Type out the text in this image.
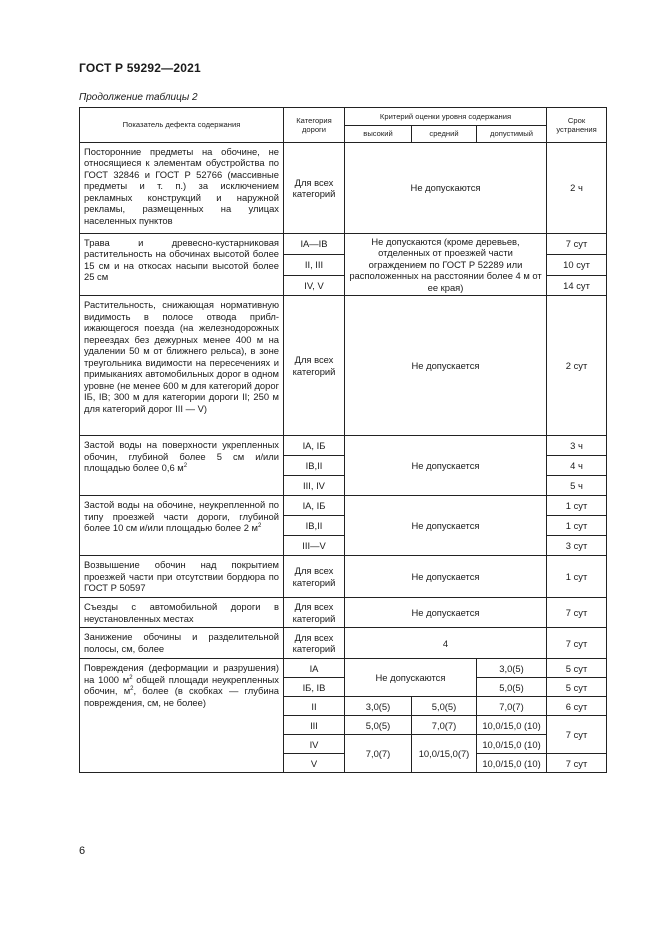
ГОСТ Р 59292—2021
Продолжение таблицы 2
Показатель дефекта содержания	Категория дороги	Критерий оценки уровня содержания			Срок устранения
		высокий	средний	допустимый	
Посторонние предметы на обочине, не относящиеся к элементам обустройства по ГОСТ 32846 и ГОСТ Р 52766 (массивные предметы и т. п.) за исключением рекламных конструкций и наружной рекламы, размещенных на улицах населенных пунктов	Для всех категорий	Не допускаются			2 ч
Трава и древесно-кустарниковая растительность на обочинах высотой более 15 см и на откосах насыпи высотой более 25 см	IA—IB	Не допускаются (кроме деревьев, отделенных от проезжей части ограждением по ГОСТ Р 52289 или расположенных на расстоянии более 4 м от ее края)			7 сут
	II, III				10 сут
	IV, V				14 сут
Растительность, снижающая нормативную видимость в полосе отвода приближающегося поезда (на железнодорожных переездах без дежурных менее 400 м на удалении 50 м от ближнего рельса), в зоне треугольника видимости на пересечениях и примыканиях автомобильных дорог в одном уровне (не менее 600 м для категорий дорог IБ, IB; 300 м для категории дороги II; 250 м для категорий дорог III — V)	Для всех категорий	Не допускается			2 сут
Застой воды на поверхности укрепленных обочин, глубиной более 5 см и/или площадью более 0,6 $м^2$	IA, IБ	Не допускается			3 ч
	IB,II				4 ч
	III, IV				5 ч
Застой воды на обочине, неукрепленной по типу проезжей части дороги, глубиной более 10 см и/или площадью более 2 $м^2$	IA, IБ	Не допускается			1 сут
	IB,II				1 сут
	III—V				3 сут
Возвышение обочин над покрытием проезжей части при отсутствии бордюра по ГОСТ Р 50597	Для всех категорий	Не допускается			1 сут
Съезды с автомобильной дороги в неустановленных местах	Для всех категорий	Не допускается			7 сут
Занижение обочины и разделительной полосы, см, более	Для всех категорий	4			7 сут
Повреждения (деформации и разрушения) на 1000 $м^2$ общей площади неукрепленных обочин, $м^2$, более (в скобках — глубина повреждения, см, не более)	IA	Не допускаются		3,0(5)	5 сут
	IБ, IB			5,0(5)	5 сут
	II	3,0(5)	5,0(5)	7,0(7)	6 сут
	III	5,0(5)	7,0(7)	10,0/15,0 (10)	7 сут
	IV	7,0(7)	10,0/15,0(7)	10,0/15,0 (10)	
	V			10,0/15,0 (10)	7 сут
6
